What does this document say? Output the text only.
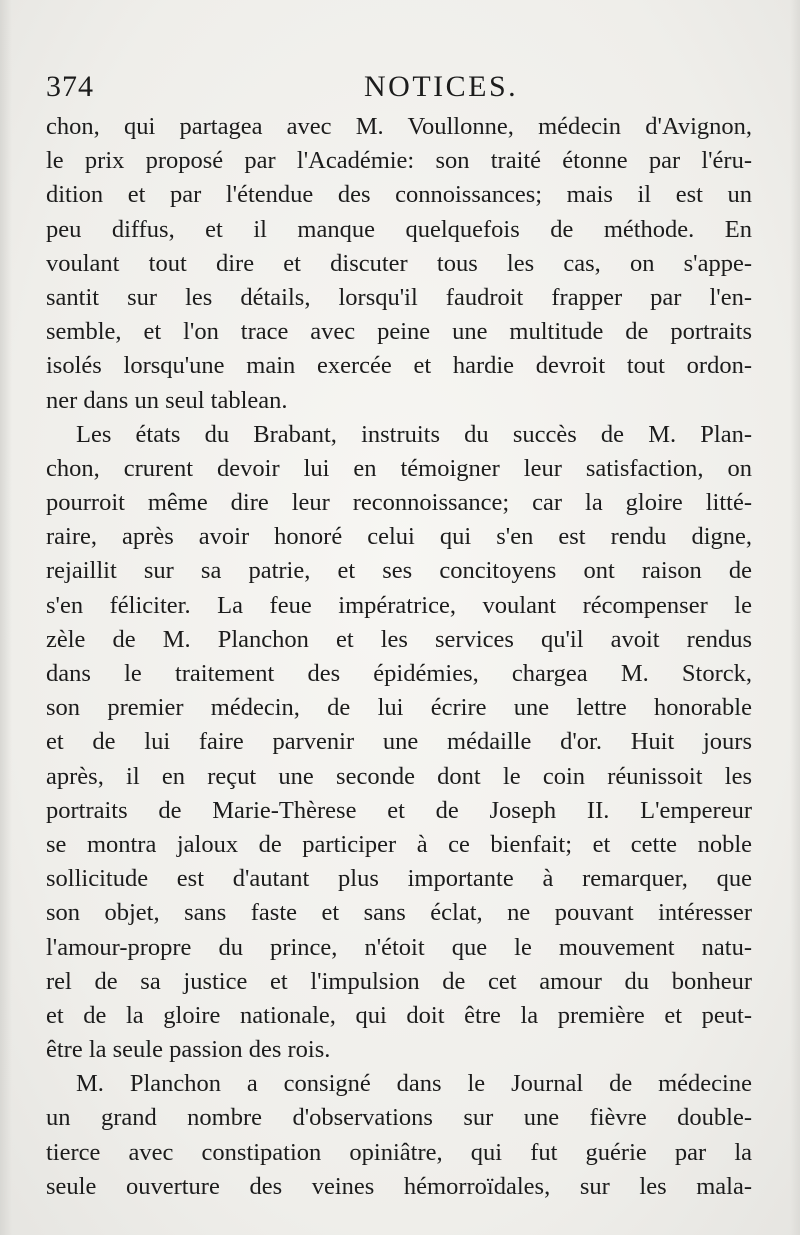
374	NOTICES.
chon, qui partagea avec M. Voullonne, médecin d'Avignon,
le prix proposé par l'Académie: son traité étonne par l'éru-
dition et par l'étendue des connoissances; mais il est un
peu diffus, et il manque quelquefois de méthode. En
voulant tout dire et discuter tous les cas, on s'appe-
santit sur les détails, lorsqu'il faudroit frapper par l'en-
semble, et l'on trace avec peine une multitude de portraits
isolés lorsqu'une main exercée et hardie devroit tout ordon-
ner dans un seul tablean.
Les états du Brabant, instruits du succès de M. Plan-
chon, crurent devoir lui en témoigner leur satisfaction, on
pourroit même dire leur reconnoissance; car la gloire litté-
raire, après avoir honoré celui qui s'en est rendu digne,
rejaillit sur sa patrie, et ses concitoyens ont raison de
s'en féliciter. La feue impératrice, voulant récompenser le
zèle de M. Planchon et les services qu'il avoit rendus
dans le traitement des épidémies, chargea M. Storck,
son premier médecin, de lui écrire une lettre honorable
et de lui faire parvenir une médaille d'or. Huit jours
après, il en reçut une seconde dont le coin réunissoit les
portraits de Marie-Thèrese et de Joseph II. L'empereur
se montra jaloux de participer à ce bienfait; et cette noble
sollicitude est d'autant plus importante à remarquer, que
son objet, sans faste et sans éclat, ne pouvant intéresser
l'amour-propre du prince, n'étoit que le mouvement natu-
rel de sa justice et l'impulsion de cet amour du bonheur
et de la gloire nationale, qui doit être la première et peut-
être la seule passion des rois.
M. Planchon a consigné dans le Journal de médecine
un grand nombre d'observations sur une fièvre double-
tierce avec constipation opiniâtre, qui fut guérie par la
seule ouverture des veines hémorroïdales, sur les mala-
